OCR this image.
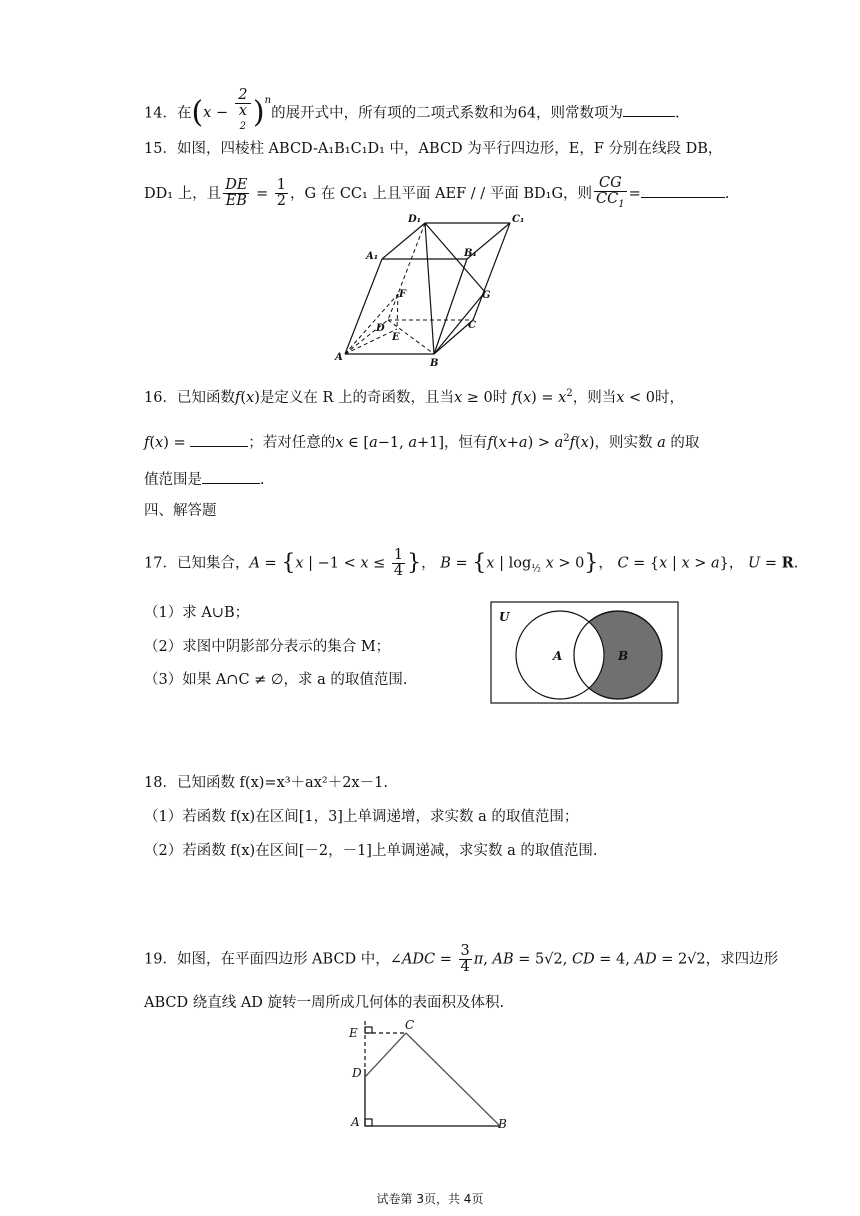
14．在(x − 2
x
$^2$ )$^n$的展开式中，所有项的二项式系数和为64，则常数项为	.
15．如图，四棱柱 ABCD-A₁B₁C₁D₁ 中，ABCD 为平行四边形，E，F 分别在线段 DB，
DD₁ 上，且 $\frac{DE}{EB} = \frac{1}{2}$ ，G 在 CC₁ 上且平面 AEF / / 平面 BD₁G，则 $\frac{CG}{CC_1}$ =	.
D₁	C₁
A₁	B₁
F	G
D	C
E
A
B
16．已知函数f(x)是定义在 R 上的奇函数，且当x ≥ 0时 $f(x) = x^2$，则当x < 0时，
f(x) =	；若对任意的x ∈ [a−1, a+1]，恒有$f(x+a) > a^2f(x)$，则实数 a 的取
值范围是	.
四、解答题
17．已知集合，A = {x | $-1 < x \le \frac{1}{4}$ }， B = {x | $\log_{\frac{1}{2}} x > 0$}， C = {x | x > a}， U = R.
（1）求 A∪B；
（2）求图中阴影部分表示的集合 M；
（3）如果 A∩C ≠ ∅，求 a 的取值范围.
U
A	B
18．已知函数 f(x)=x³＋ax²＋2x－1.
（1）若函数 f(x)在区间[1，3]上单调递增，求实数 a 的取值范围；
（2）若函数 f(x)在区间[－2，－1]上单调递减，求实数 a 的取值范围.
19．如图，在平面四边形 ABCD 中，∠ADC = $\frac{3}{4} \pi$, AB = 5√2, CD = 4, AD = 2√2，求四边形
ABCD 绕直线 AD 旋转一周所成几何体的表面积及体积.
E
C
D
A	B
试卷第 3页，共 4页
